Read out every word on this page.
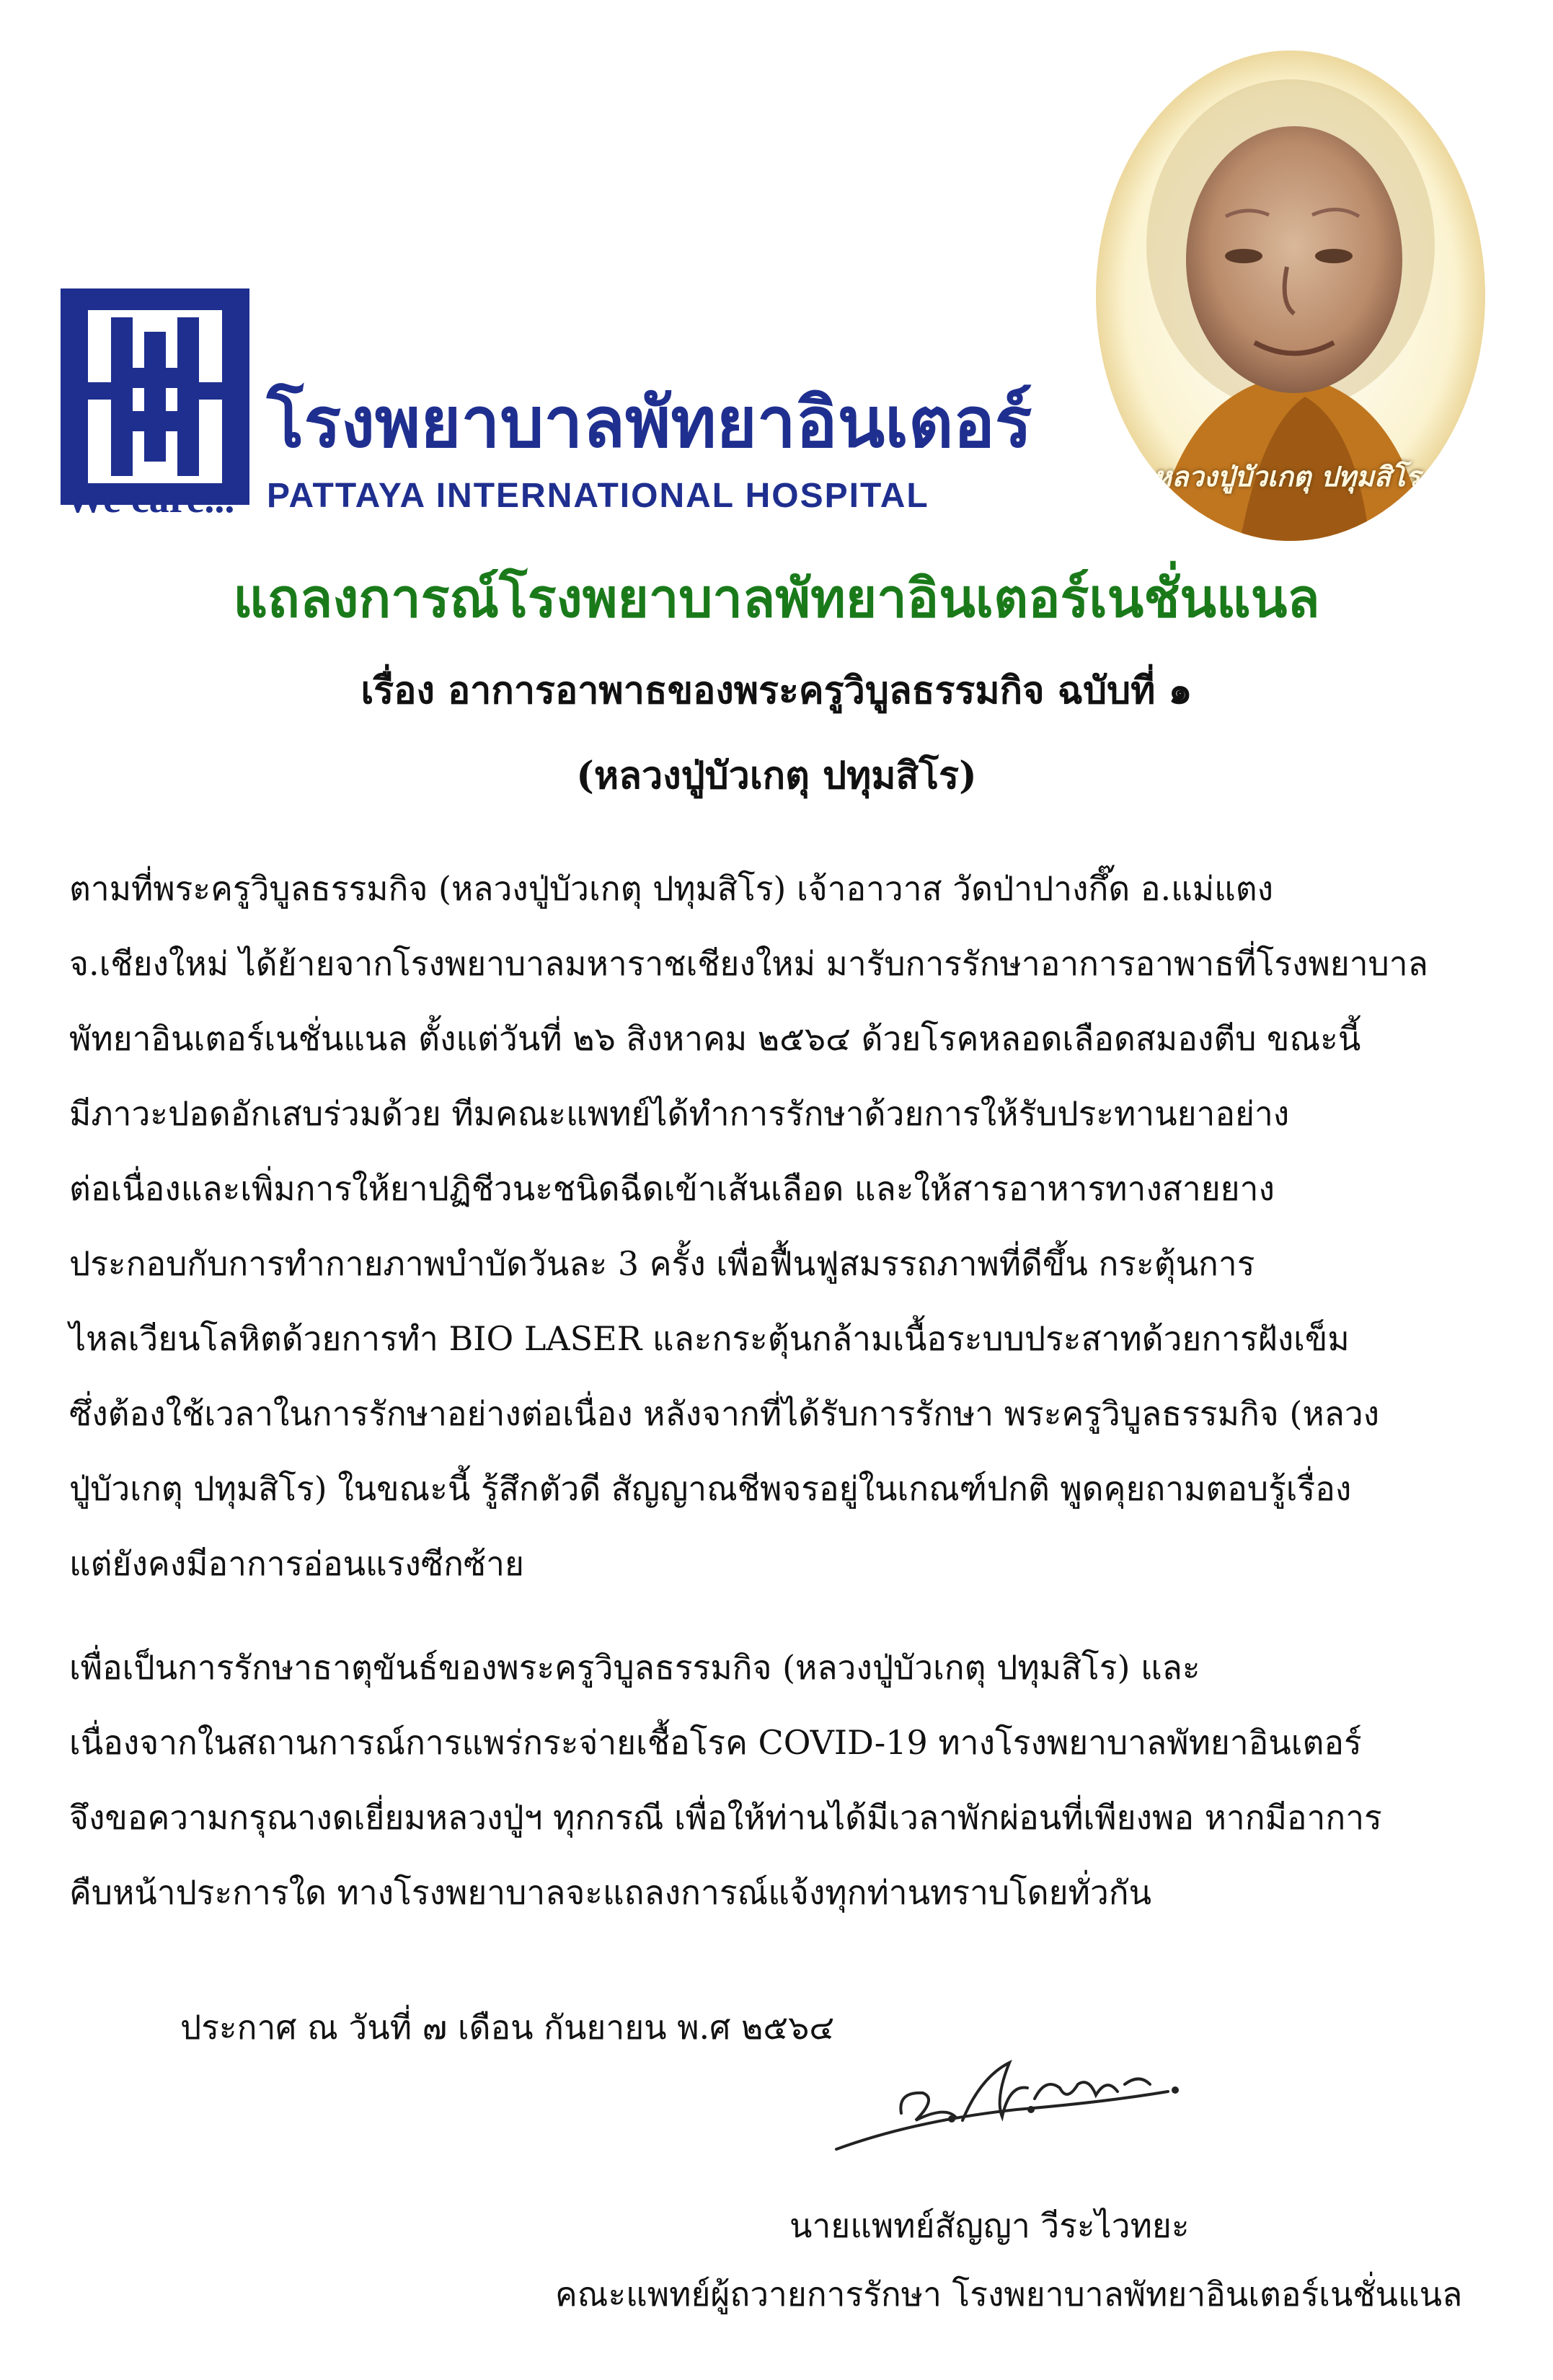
โรงพยาบาลพัทยาอินเตอร์
We care... PATTAYA INTERNATIONAL HOSPITAL
หลวงปู่บัวเกตุ ปทุมสิโร
แถลงการณ์โรงพยาบาลพัทยาอินเตอร์เนชั่นแนล
เรื่อง อาการอาพาธของพระครูวิบูลธรรมกิจ ฉบับที่ ๑
(หลวงปู่บัวเกตุ ปทุมสิโร)
ตามที่พระครูวิบูลธรรมกิจ (หลวงปู่บัวเกตุ ปทุมสิโร) เจ้าอาวาส วัดป่าปางกึ๊ด อ.แม่แตง
จ.เชียงใหม่ ได้ย้ายจากโรงพยาบาลมหาราชเชียงใหม่ มารับการรักษาอาการอาพาธที่โรงพยาบาล
พัทยาอินเตอร์เนชั่นแนล ตั้งแต่วันที่ ๒๖ สิงหาคม ๒๕๖๔ ด้วยโรคหลอดเลือดสมองตีบ ขณะนี้
มีภาวะปอดอักเสบร่วมด้วย ทีมคณะแพทย์ได้ทำการรักษาด้วยการให้รับประทานยาอย่าง
ต่อเนื่องและเพิ่มการให้ยาปฏิชีวนะชนิดฉีดเข้าเส้นเลือด และให้สารอาหารทางสายยาง
ประกอบกับการทำกายภาพบำบัดวันละ 3 ครั้ง เพื่อฟื้นฟูสมรรถภาพที่ดีขึ้น กระตุ้นการ
ไหลเวียนโลหิตด้วยการทำ BIO LASER และกระตุ้นกล้ามเนื้อระบบประสาทด้วยการฝังเข็ม
ซึ่งต้องใช้เวลาในการรักษาอย่างต่อเนื่อง หลังจากที่ได้รับการรักษา พระครูวิบูลธรรมกิจ (หลวง
ปู่บัวเกตุ ปทุมสิโร) ในขณะนี้ รู้สึกตัวดี สัญญาณชีพจรอยู่ในเกณฑ์ปกติ พูดคุยถามตอบรู้เรื่อง
แต่ยังคงมีอาการอ่อนแรงซีกซ้าย
เพื่อเป็นการรักษาธาตุขันธ์ของพระครูวิบูลธรรมกิจ (หลวงปู่บัวเกตุ ปทุมสิโร) และ
เนื่องจากในสถานการณ์การแพร่กระจ่ายเชื้อโรค COVID-19 ทางโรงพยาบาลพัทยาอินเตอร์
จึงขอความกรุณางดเยี่ยมหลวงปู่ฯ ทุกกรณี เพื่อให้ท่านได้มีเวลาพักผ่อนที่เพียงพอ หากมีอาการ
คืบหน้าประการใด ทางโรงพยาบาลจะแถลงการณ์แจ้งทุกท่านทราบโดยทั่วกัน
ประกาศ ณ วันที่ ๗ เดือน กันยายน พ.ศ ๒๕๖๔
นายแพทย์สัญญา วีระไวทยะ
คณะแพทย์ผู้ถวายการรักษา โรงพยาบาลพัทยาอินเตอร์เนชั่นแนล
